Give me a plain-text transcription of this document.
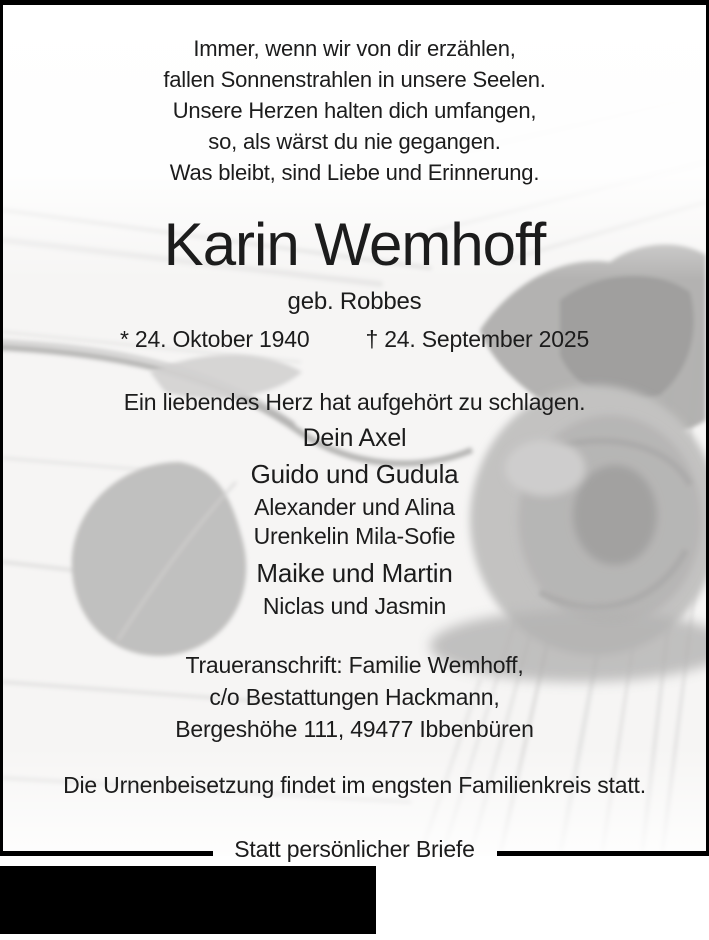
Immer, wenn wir von dir erzählen,
fallen Sonnenstrahlen in unsere Seelen.
Unsere Herzen halten dich umfangen,
so, als wärst du nie gegangen.
Was bleibt, sind Liebe und Erinnerung.
Karin Wemhoff
geb. Robbes
* 24. Oktober 1940 † 24. September 2025
Ein liebendes Herz hat aufgehört zu schlagen.
Dein Axel
Guido und Gudula
Alexander und Alina
Urenkelin Mila-Sofie
Maike und Martin
Niclas und Jasmin
Traueranschrift: Familie Wemhoff,
c/o Bestattungen Hackmann,
Bergeshöhe 111, 49477 Ibbenbüren
Die Urnenbeisetzung findet im engsten Familienkreis statt.
Statt persönlicher Briefe
